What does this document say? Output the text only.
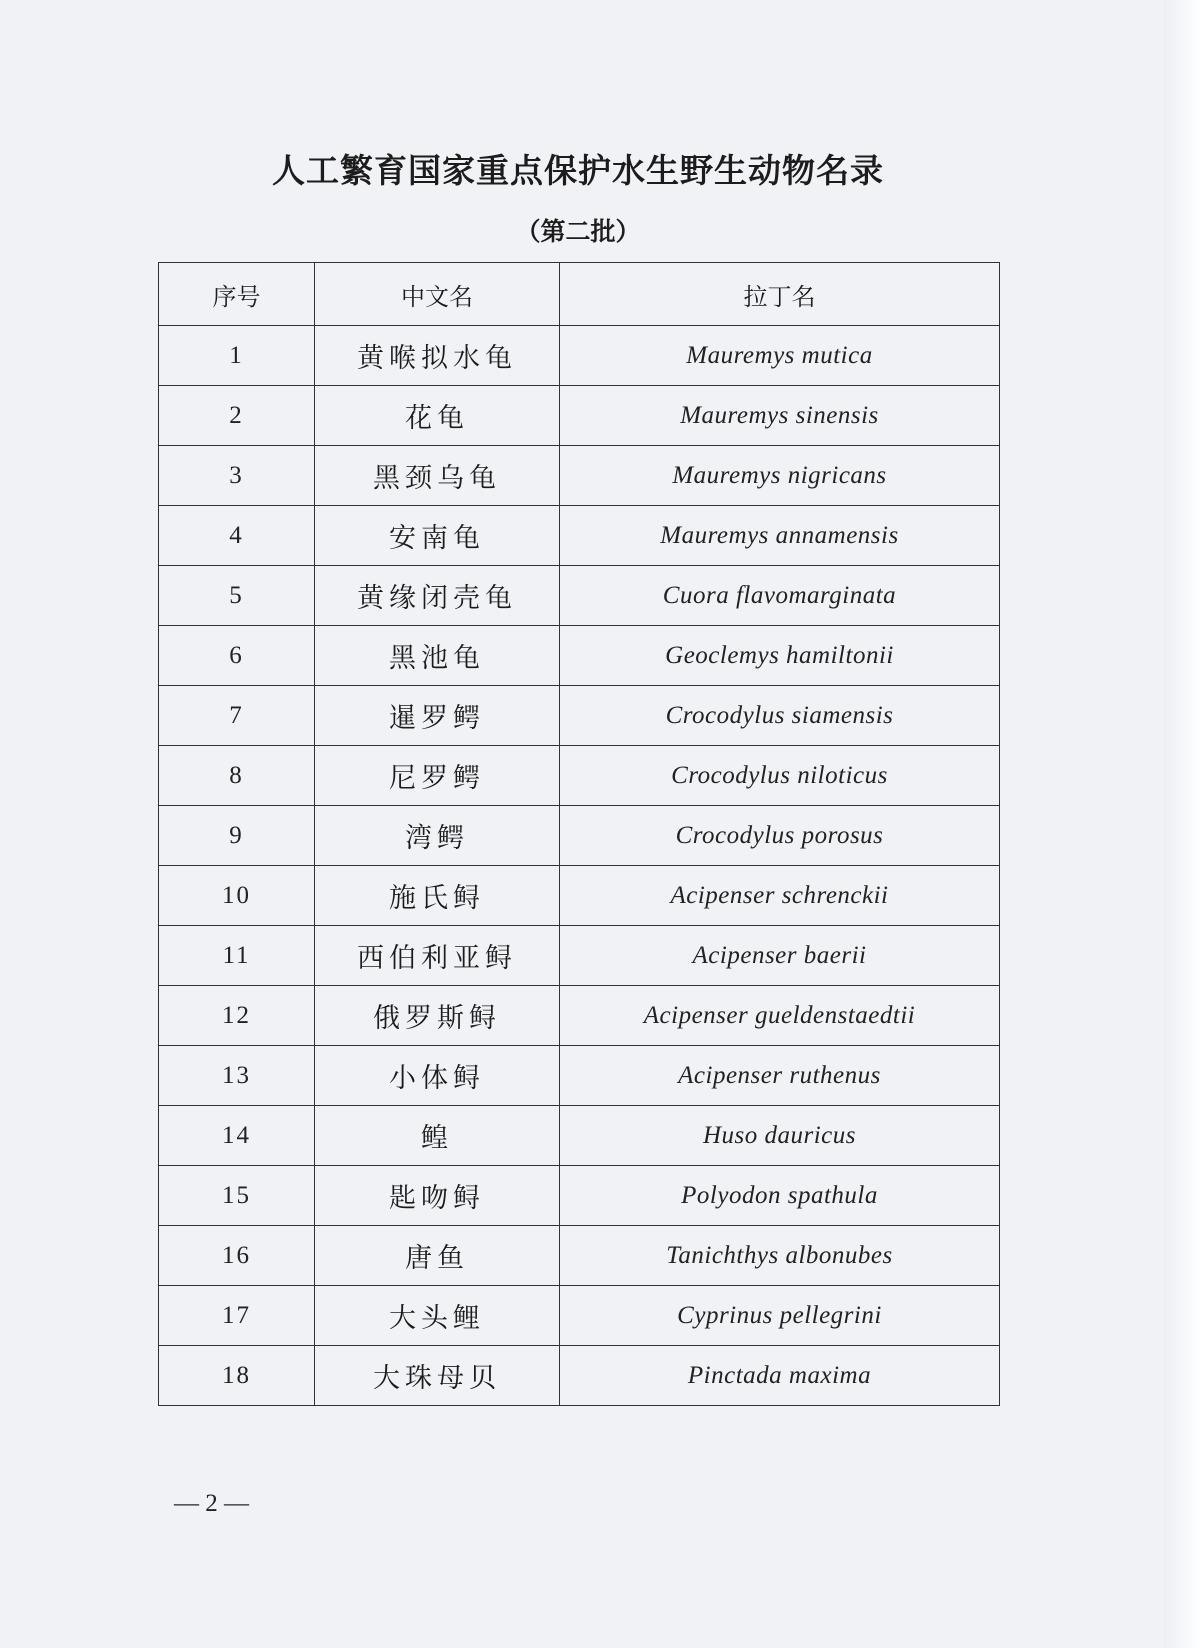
人工繁育国家重点保护水生野生动物名录
（第二批）
序号	中文名	拉丁名
1	黄喉拟水龟	Mauremys mutica
2	花龟	Mauremys sinensis
3	黑颈乌龟	Mauremys nigricans
4	安南龟	Mauremys annamensis
5	黄缘闭壳龟	Cuora flavomarginata
6	黑池龟	Geoclemys hamiltonii
7	暹罗鳄	Crocodylus siamensis
8	尼罗鳄	Crocodylus niloticus
9	湾鳄	Crocodylus porosus
10	施氏鲟	Acipenser schrenckii
11	西伯利亚鲟	Acipenser baerii
12	俄罗斯鲟	Acipenser gueldenstaedtii
13	小体鲟	Acipenser ruthenus
14	鳇	Huso dauricus
15	匙吻鲟	Polyodon spathula
16	唐鱼	Tanichthys albonubes
17	大头鲤	Cyprinus pellegrini
18	大珠母贝	Pinctada maxima
— 2 —
